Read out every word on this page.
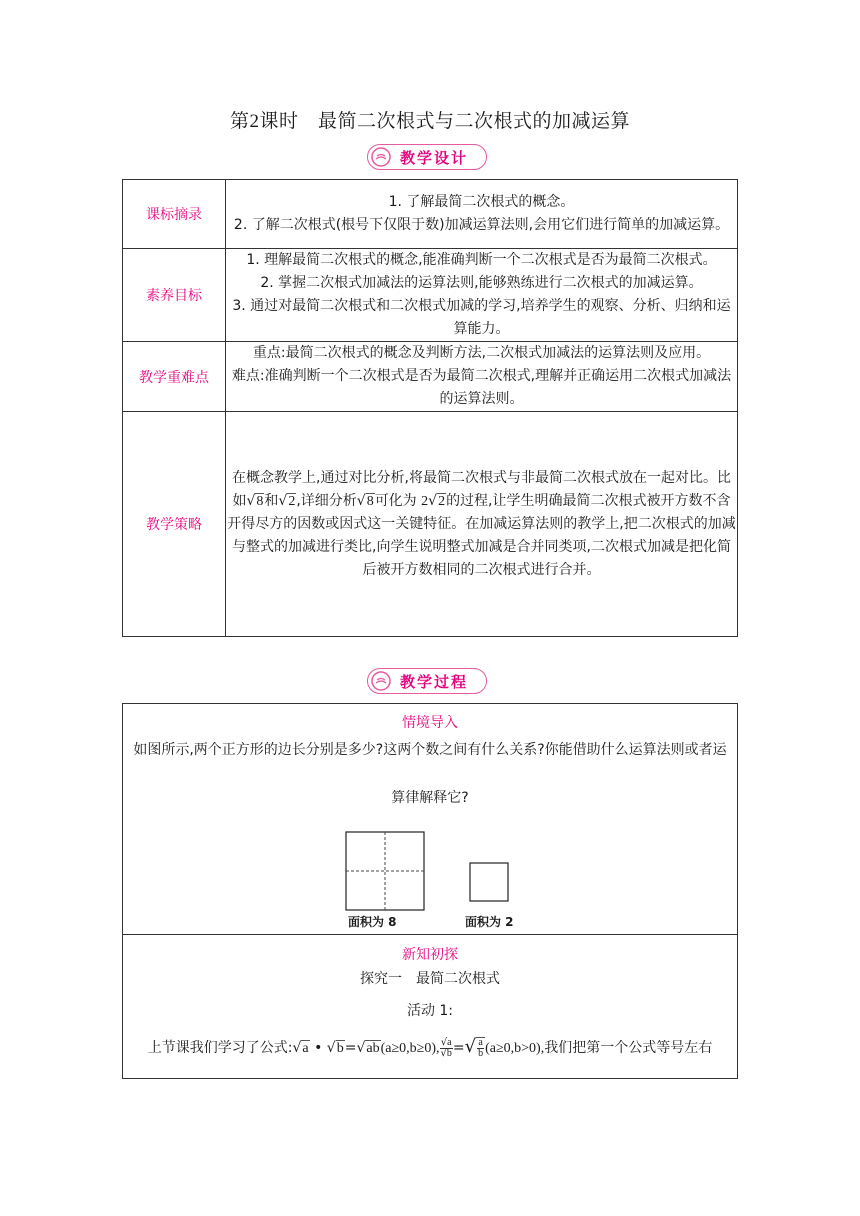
第2课时　最简二次根式与二次根式的加减运算
教学设计
课标摘录	1. 了解最简二次根式的概念。
2. 了解二次根式(根号下仅限于数)加减运算法则,会用它们进行简单的加减运算。

素养目标	1. 理解最简二次根式的概念,能准确判断一个二次根式是否为最简二次根式。
2. 掌握二次根式加减法的运算法则,能够熟练进行二次根式的加减运算。
3. 通过对最简二次根式和二次根式加减的学习,培养学生的观察、分析、归纳和运算能力。

教学重难点	重点:最简二次根式的概念及判断方法,二次根式加减法的运算法则及应用。
难点:准确判断一个二次根式是否为最简二次根式,理解并正确运用二次根式加减法的运算法则。

教学策略	在概念教学上,通过对比分析,将最简二次根式与非最简二次根式放在一起对比。比如√8和√2,详细分析√8可化为 2√2的过程,让学生明确最简二次根式被开方数不含开得尽方的因数或因式这一关键特征。在加减运算法则的教学上,把二次根式的加减与整式的加减进行类比,向学生说明整式加减是合并同类项,二次根式加减是把化简后被开方数相同的二次根式进行合并。
教学过程
情境导入
如图所示,两个正方形的边长分别是多少?这两个数之间有什么关系?你能借助什么运算法则或者运算律解释它?
面积为 8	面积为 2
新知初探
探究一　最简二次根式
活动 1:
上节课我们学习了公式:√a • √b=√ab(a≥0,b≥0), $\frac{√a}{√b}$ =√ $\frac{a}{b} (a\ge 0,b>0)$,我们把第一个公式等号左右
